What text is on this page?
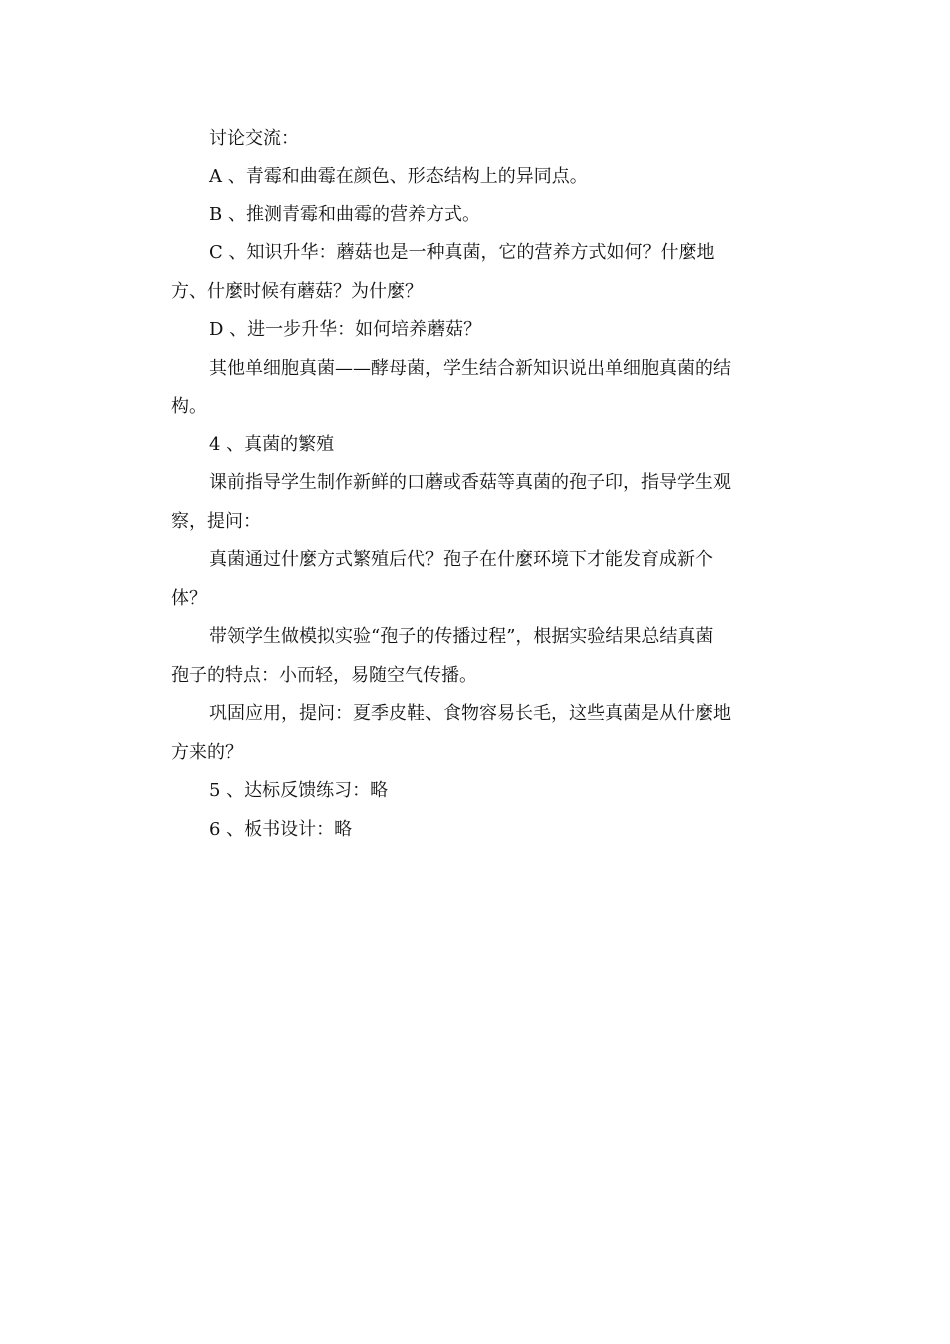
讨论交流：
A 、青霉和曲霉在颜色、形态结构上的异同点。
B 、推测青霉和曲霉的营养方式。
C 、知识升华：蘑菇也是一种真菌，它的营养方式如何？什麼地
方、什麼时候有蘑菇？为什麼？
D 、进一步升华：如何培养蘑菇？
其他单细胞真菌——酵母菌，学生结合新知识说出单细胞真菌的结
构。
4 、真菌的繁殖
课前指导学生制作新鲜的口蘑或香菇等真菌的孢子印，指导学生观
察，提问：
真菌通过什麼方式繁殖后代？孢子在什麼环境下才能发育成新个
体？
带领学生做模拟实验“孢子的传播过程”，根据实验结果总结真菌
孢子的特点：小而轻，易随空气传播。
巩固应用，提问：夏季皮鞋、食物容易长毛，这些真菌是从什麼地
方来的？
5 、达标反馈练习：略
6 、板书设计：略
